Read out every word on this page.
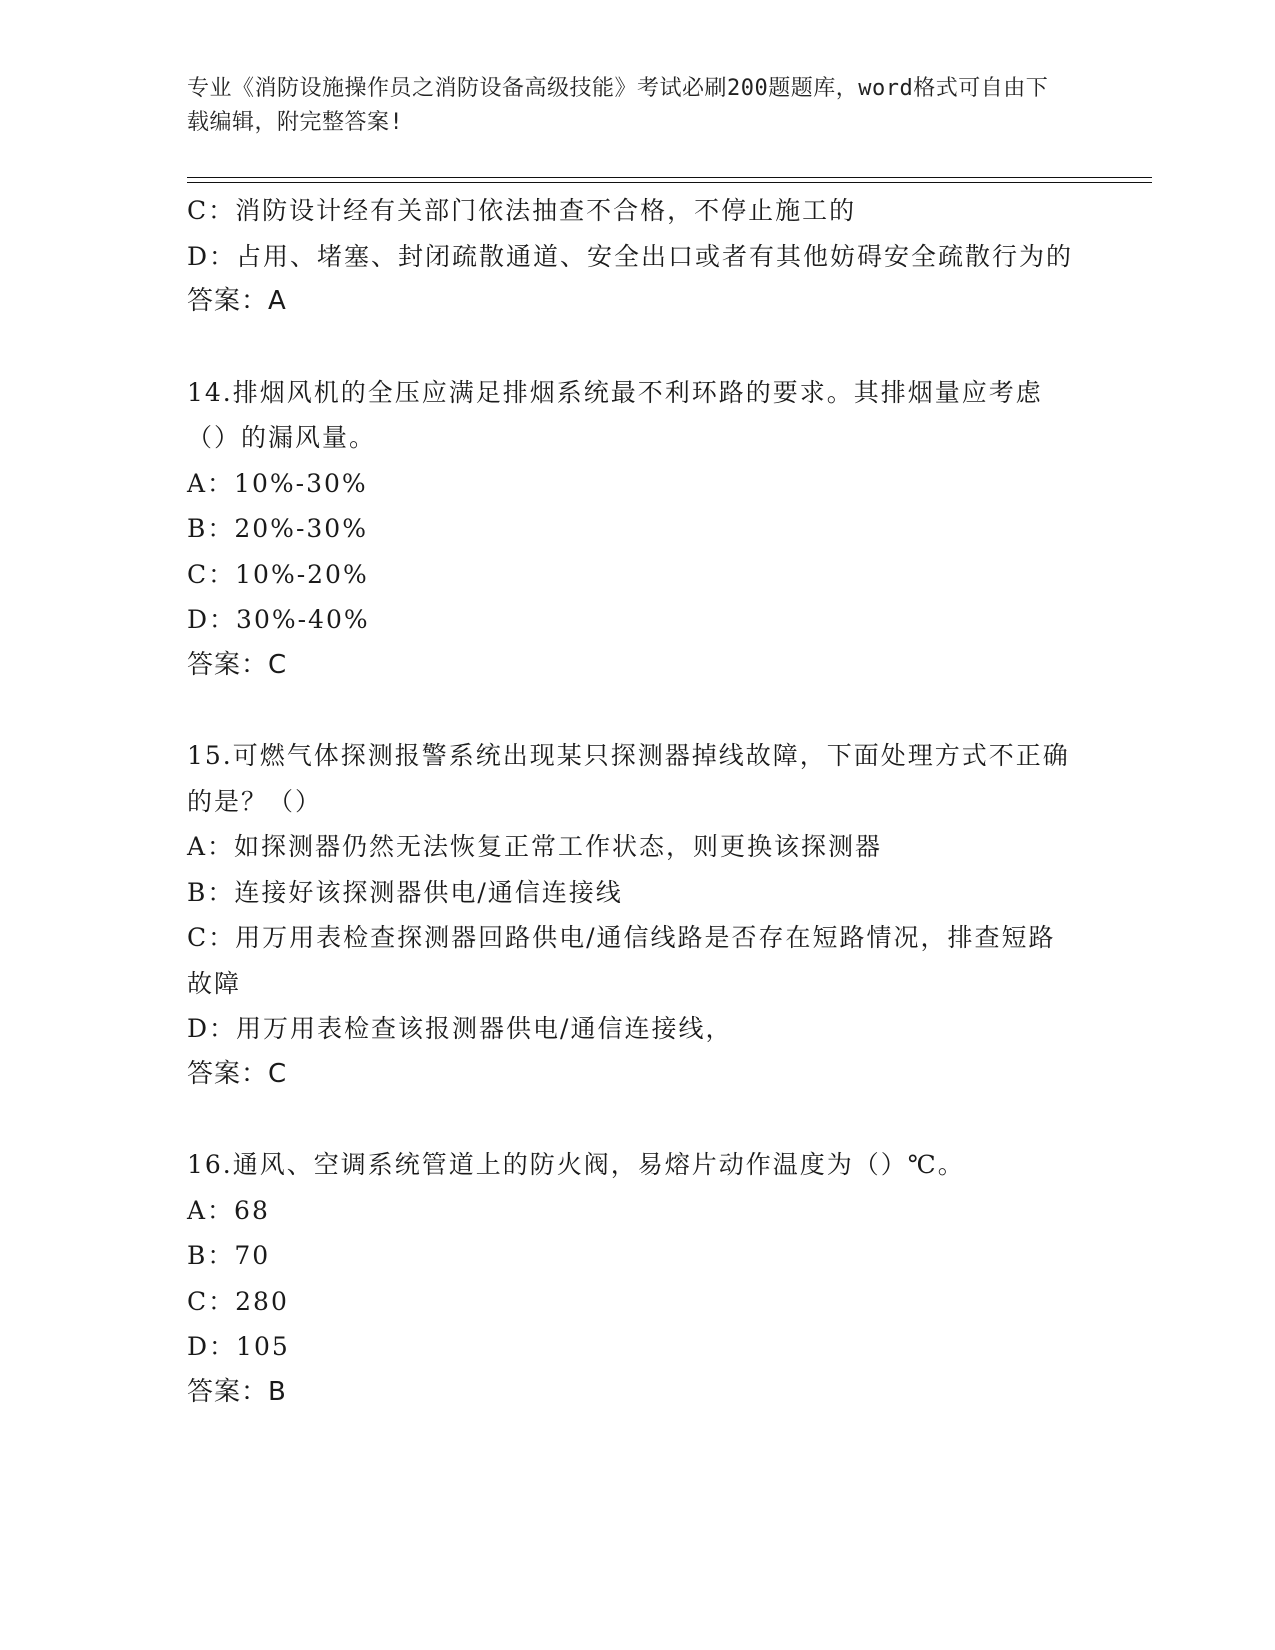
专业《消防设施操作员之消防设备高级技能》考试必刷200题题库，word格式可自由下载编辑，附完整答案!
C：消防设计经有关部门依法抽查不合格，不停止施工的
D：占用、堵塞、封闭疏散通道、安全出口或者有其他妨碍安全疏散行为的
答案：A
14.排烟风机的全压应满足排烟系统最不利环路的要求。其排烟量应考虑（）的漏风量。
A：10%-30%
B：20%-30%
C：10%-20%
D：30%-40%
答案：C
15.可燃气体探测报警系统出现某只探测器掉线故障，下面处理方式不正确的是？（）
A：如探测器仍然无法恢复正常工作状态，则更换该探测器
B：连接好该探测器供电/通信连接线
C：用万用表检查探测器回路供电/通信线路是否存在短路情况，排查短路故障
D：用万用表检查该报测器供电/通信连接线，
答案：C
16.通风、空调系统管道上的防火阀，易熔片动作温度为（）℃。
A：68
B：70
C：280
D：105
答案：B
